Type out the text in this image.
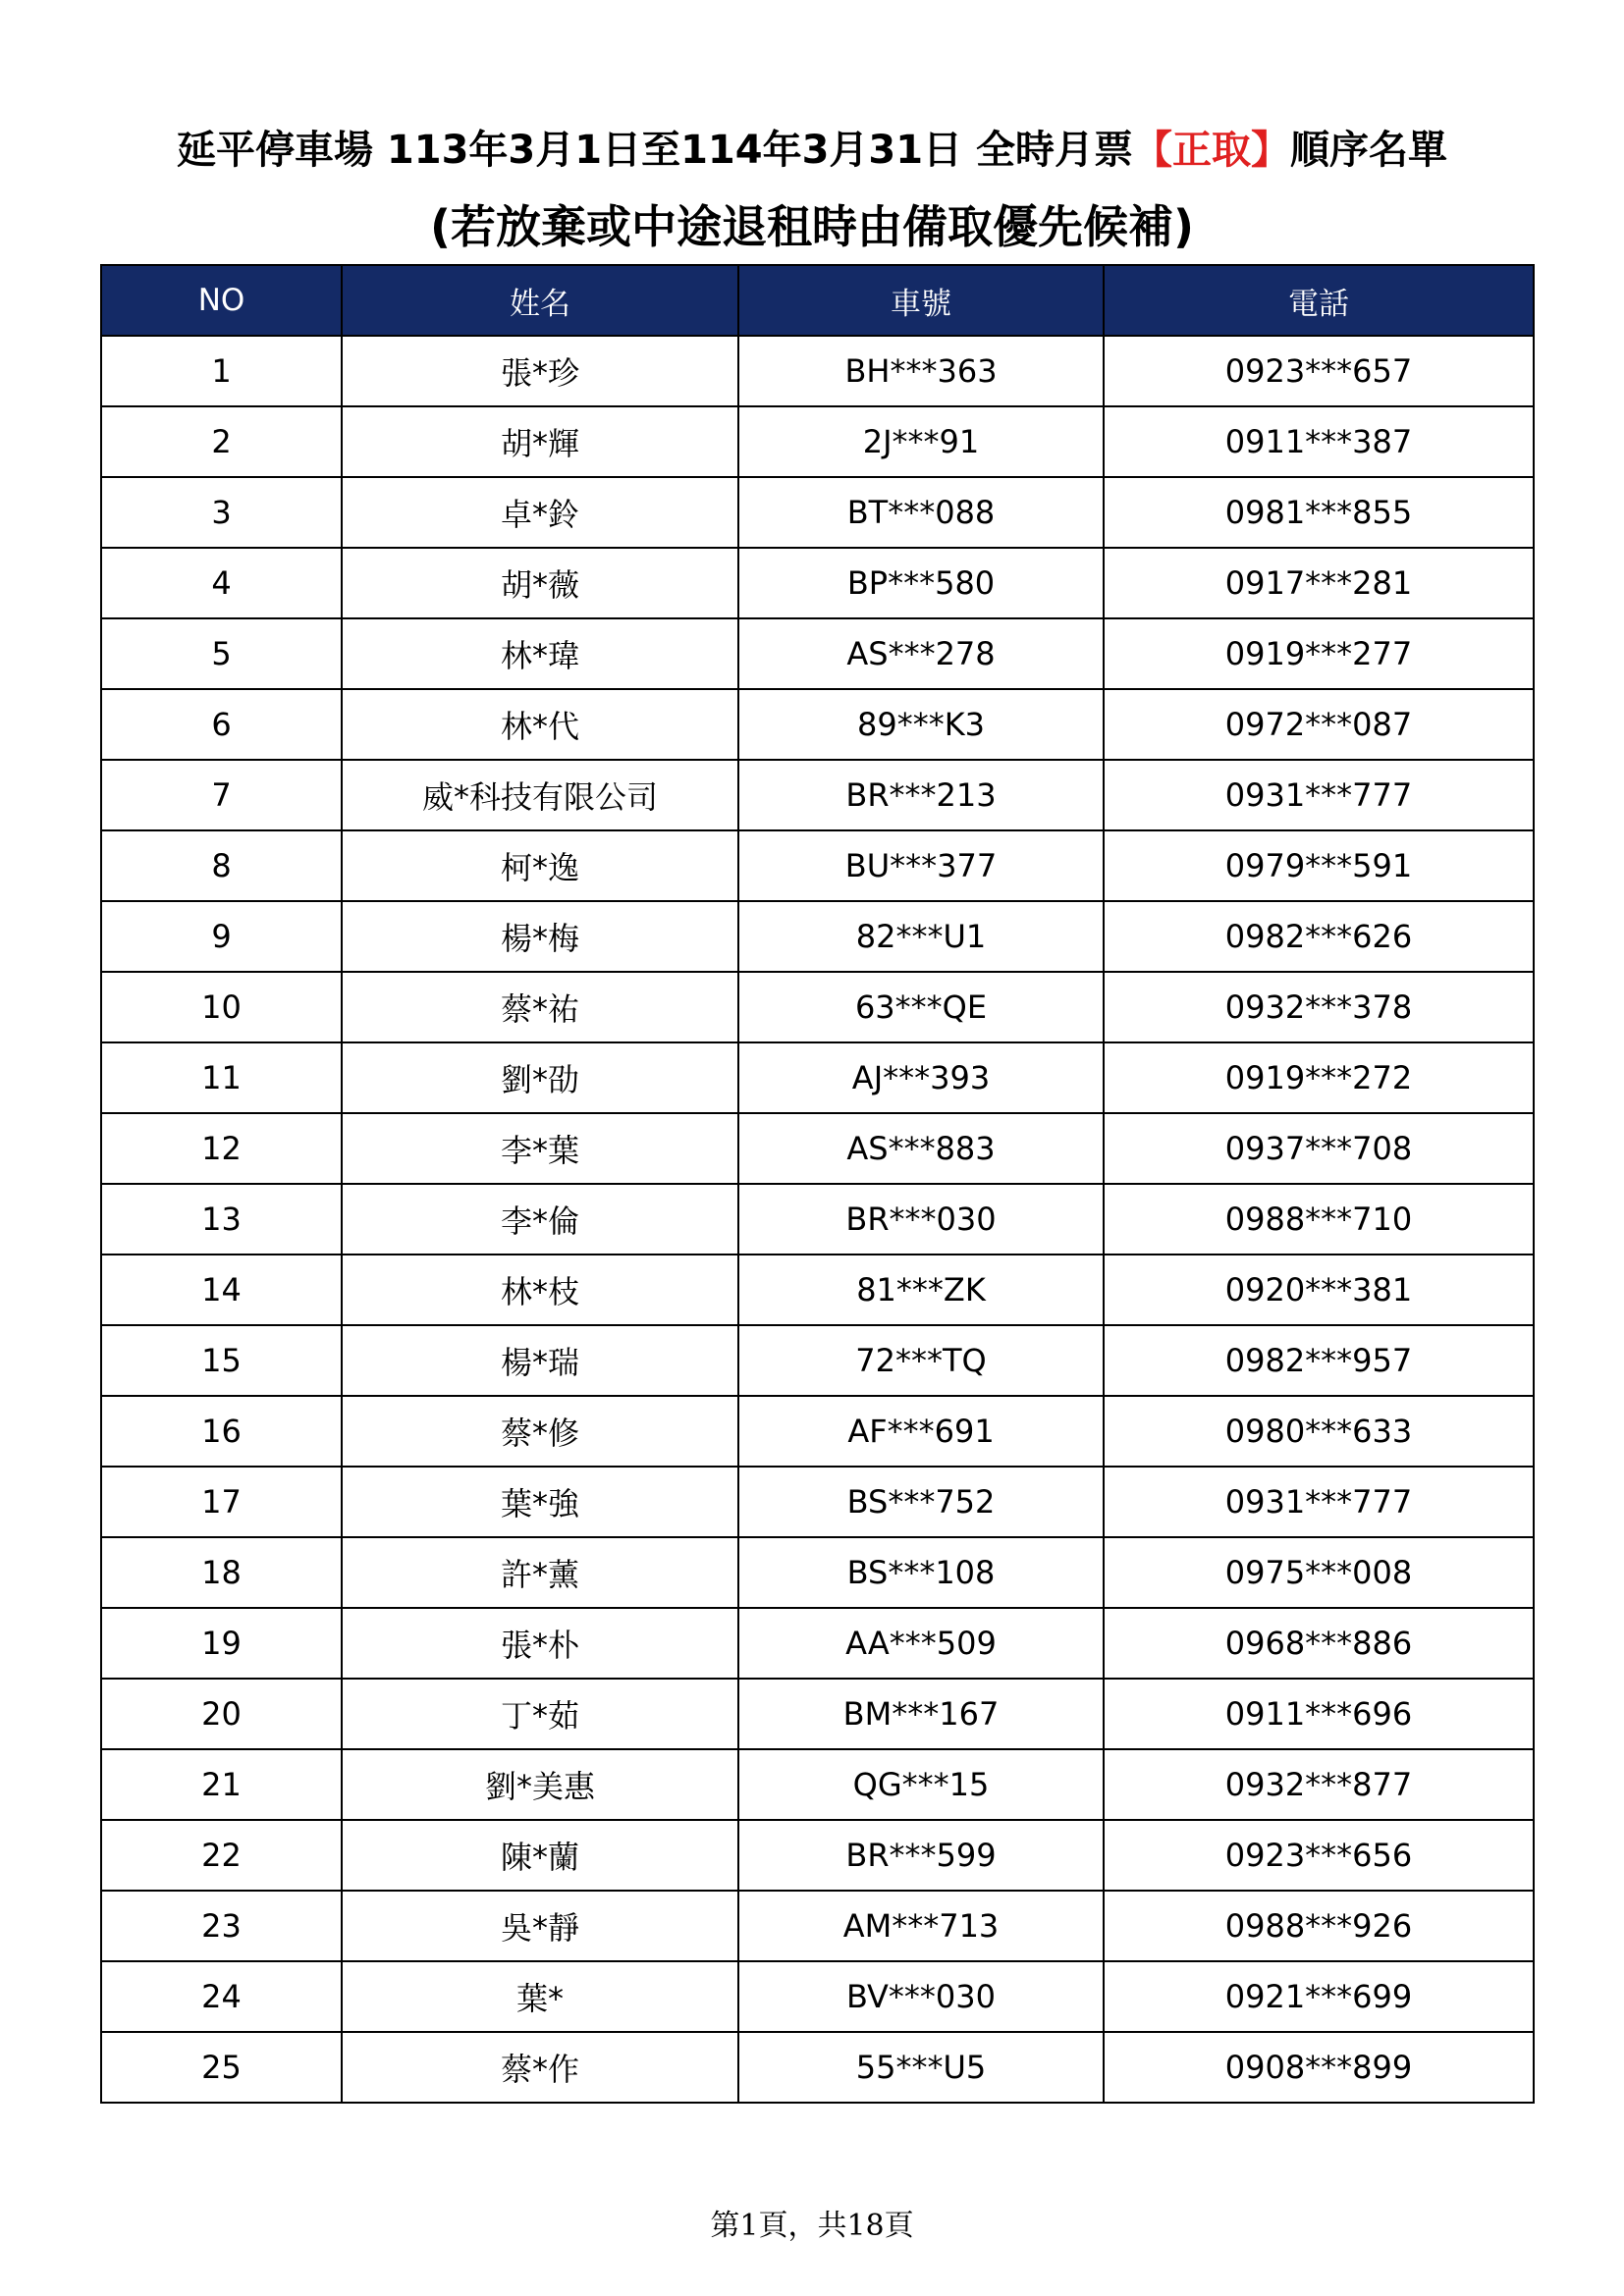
延平停車場 113年3月1日至114年3月31日 全時月票【正取】順序名單
(若放棄或中途退租時由備取優先候補)
NO	姓名	車號	電話
1	張*珍	BH***363	0923***657
2	胡*輝	2J***91	0911***387
3	卓*鈴	BT***088	0981***855
4	胡*薇	BP***580	0917***281
5	林*瑋	AS***278	0919***277
6	林*代	89***K3	0972***087
7	威*科技有限公司	BR***213	0931***777
8	柯*逸	BU***377	0979***591
9	楊*梅	82***U1	0982***626
10	蔡*祐	63***QE	0932***378
11	劉*劭	AJ***393	0919***272
12	李*葉	AS***883	0937***708
13	李*倫	BR***030	0988***710
14	林*枝	81***ZK	0920***381
15	楊*瑞	72***TQ	0982***957
16	蔡*修	AF***691	0980***633
17	葉*強	BS***752	0931***777
18	許*薰	BS***108	0975***008
19	張*朴	AA***509	0968***886
20	丁*茹	BM***167	0911***696
21	劉*美惠	QG***15	0932***877
22	陳*蘭	BR***599	0923***656
23	吳*靜	AM***713	0988***926
24	葉*	BV***030	0921***699
25	蔡*作	55***U5	0908***899
第1頁，共18頁
